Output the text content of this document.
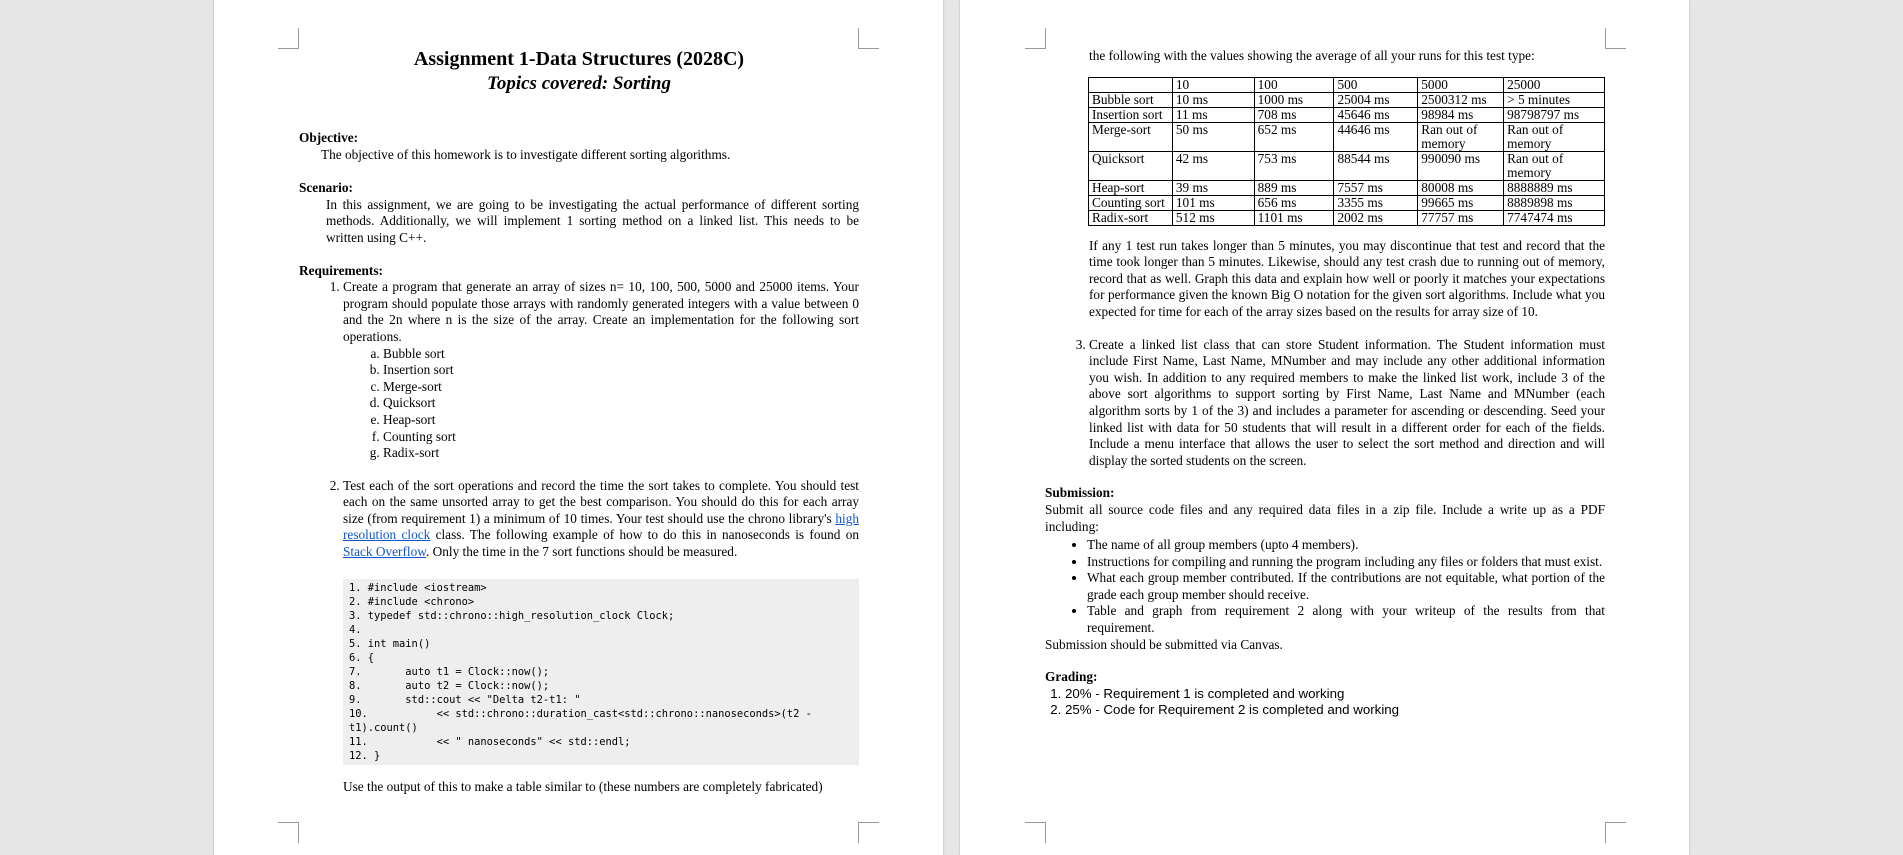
Assignment 1-Data Structures (2028C)
Topics covered: Sorting
Objective:
The objective of this homework is to investigate different sorting algorithms.
Scenario:
In this assignment, we are going to be investigating the actual performance of different sorting methods. Additionally, we will implement 1 sorting method on a linked list. This needs to be written using C++.
Requirements:
1. Create a program that generate an array of sizes n= 10, 100, 500, 5000 and 25000 items. Your program should populate those arrays with randomly generated integers with a value between 0 and the 2n where n is the size of the array. Create an implementation for the following sort operations.
a. Bubble sort
b. Insertion sort
c. Merge-sort
d. Quicksort
e. Heap-sort
f. Counting sort
g. Radix-sort
2. Test each of the sort operations and record the time the sort takes to complete. You should test each on the same unsorted array to get the best comparison. You should do this for each array size (from requirement 1) a minimum of 10 times. Your test should use the chrono library's high resolution clock class. The following example of how to do this in nanoseconds is found on Stack Overflow. Only the time in the 7 sort functions should be measured.
1. #include <iostream>
2. #include <chrono>
3. typedef std::chrono::high_resolution_clock Clock;
4.
5. int main()
6. {
7.       auto t1 = Clock::now();
8.       auto t2 = Clock::now();
9.       std::cout << "Delta t2-t1: "
10.           << std::chrono::duration_cast<std::chrono::nanoseconds>(t2 - t1).count()
11.           << " nanoseconds" << std::endl;
12. }
Use the output of this to make a table similar to (these numbers are completely fabricated)
the following with the values showing the average of all your runs for this test type:
	10	100	500	5000	25000
Bubble sort	10 ms	1000 ms	25004 ms	2500312 ms	> 5 minutes
Insertion sort	11 ms	708 ms	45646 ms	98984 ms	98798797 ms
Merge-sort	50 ms	652 ms	44646 ms	Ran out of memory	Ran out of memory
Quicksort	42 ms	753 ms	88544 ms	990090 ms	Ran out of memory
Heap-sort	39 ms	889 ms	7557 ms	80008 ms	8888889 ms
Counting sort	101 ms	656 ms	3355 ms	99665 ms	8889898 ms
Radix-sort	512 ms	1101 ms	2002 ms	77757 ms	7747474 ms
If any 1 test run takes longer than 5 minutes, you may discontinue that test and record that the time took longer than 5 minutes. Likewise, should any test crash due to running out of memory, record that as well. Graph this data and explain how well or poorly it matches your expectations for performance given the known Big O notation for the given sort algorithms. Include what you expected for time for each of the array sizes based on the results for array size of 10.
3. Create a linked list class that can store Student information. The Student information must include First Name, Last Name, MNumber and may include any other additional information you wish. In addition to any required members to make the linked list work, include 3 of the above sort algorithms to support sorting by First Name, Last Name and MNumber (each algorithm sorts by 1 of the 3) and includes a parameter for ascending or descending. Seed your linked list with data for 50 students that will result in a different order for each of the fields. Include a menu interface that allows the user to select the sort method and direction and will display the sorted students on the screen.
Submission:
Submit all source code files and any required data files in a zip file. Include a write up as a PDF including:
• The name of all group members (upto 4 members).
• Instructions for compiling and running the program including any files or folders that must exist.
• What each group member contributed. If the contributions are not equitable, what portion of the grade each group member should receive.
• Table and graph from requirement 2 along with your writeup of the results from that requirement.
Submission should be submitted via Canvas.
Grading:
1. 20% - Requirement 1 is completed and working
2. 25% - Code for Requirement 2 is completed and working
